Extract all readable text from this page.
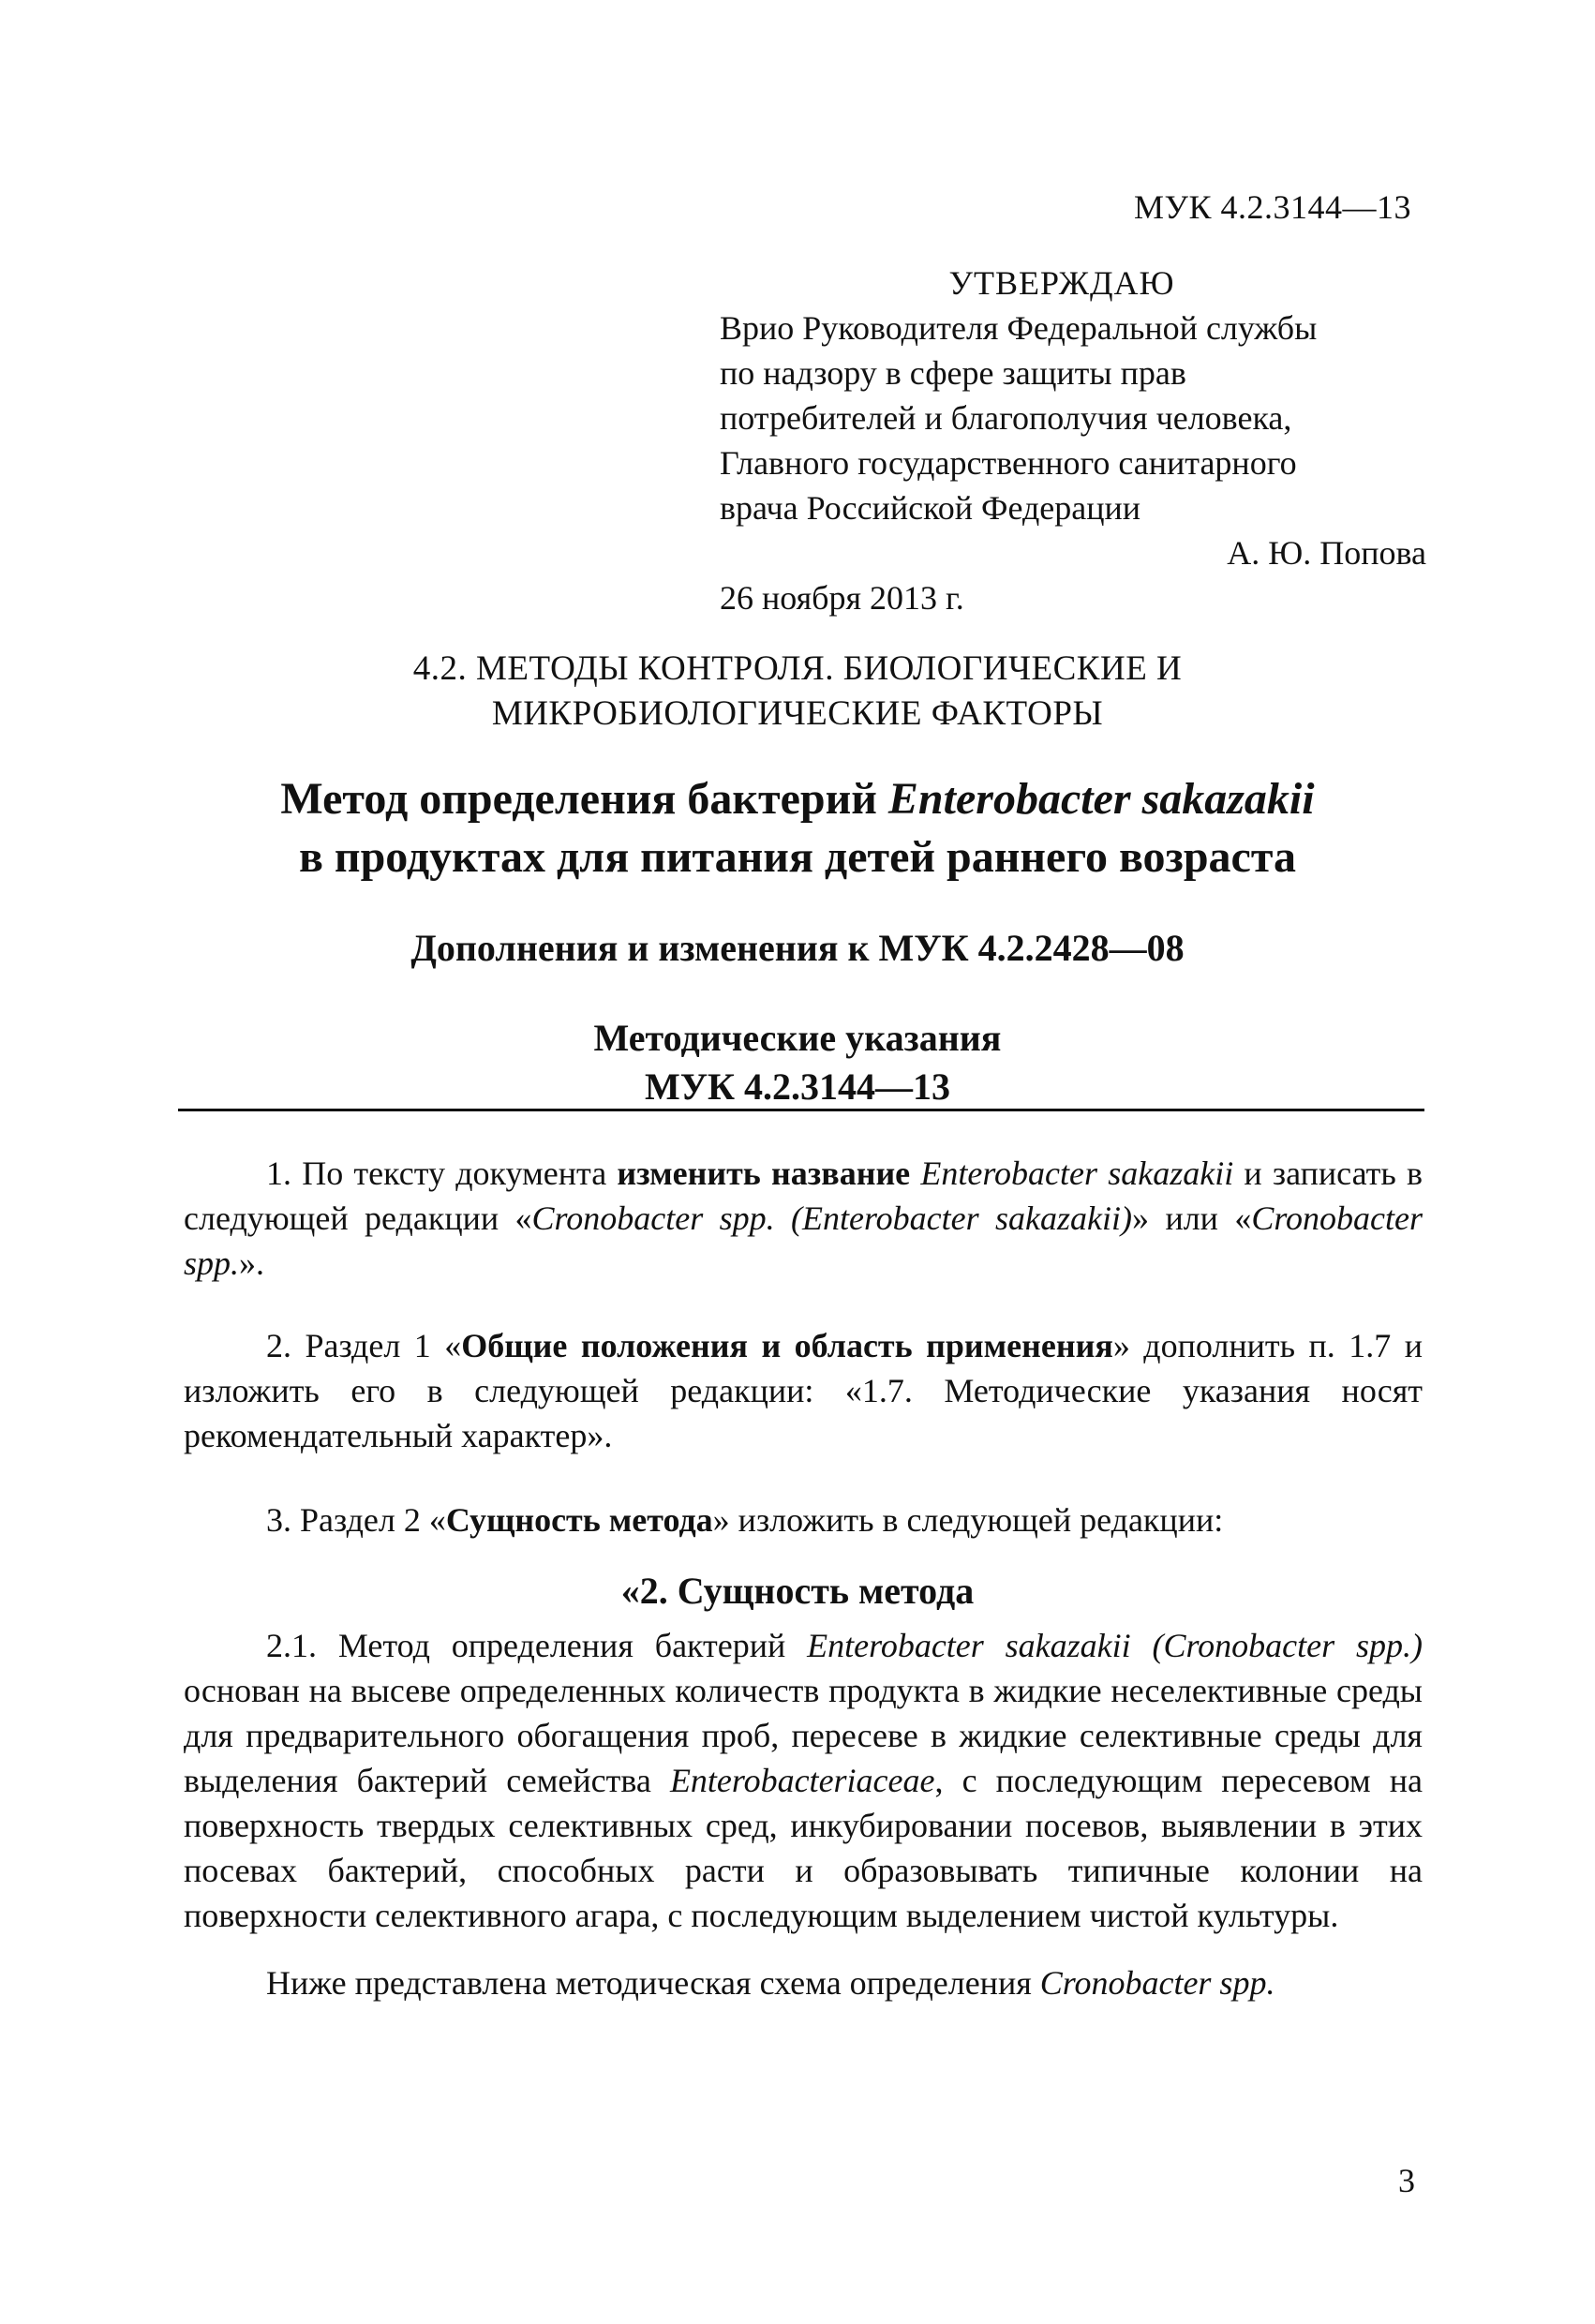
МУК 4.2.3144—13
УТВЕРЖДАЮ
Врио Руководителя Федеральной службы
по надзору в сфере защиты прав
потребителей и благополучия человека,
Главного государственного санитарного
врача Российской Федерации
А. Ю. Попова
26 ноября 2013 г.
4.2. МЕТОДЫ КОНТРОЛЯ. БИОЛОГИЧЕСКИЕ И
МИКРОБИОЛОГИЧЕСКИЕ ФАКТОРЫ
Метод определения бактерий Enterobacter sakazakii
в продуктах для питания детей раннего возраста
Дополнения и изменения к МУК 4.2.2428—08
Методические указания
МУК 4.2.3144—13

1. По тексту документа изменить название Enterobacter sakazakii и записать в следующей редакции «Cronobacter spp. (Enterobacter sakazakii)» или «Cronobacter spp.».

2. Раздел 1 «Общие положения и область применения» дополнить п. 1.7 и изложить его в следующей редакции: «1.7. Методические указания носят рекомендательный характер».

3. Раздел 2 «Сущность метода» изложить в следующей редакции:

«2. Сущность метода

2.1. Метод определения бактерий Enterobacter sakazakii (Cronobacter spp.) основан на высеве определенных количеств продукта в жидкие неселективные среды для предварительного обогащения проб, пересеве в жидкие селективные среды для выделения бактерий семейства Enterobacteriaceae, с последующим пересевом на поверхность твердых селективных сред, инкубировании посевов, выявлении в этих посевах бактерий, способных расти и образовывать типичные колонии на поверхности селективного агара, с последующим выделением чистой культуры.

Ниже представлена методическая схема определения Cronobacter spp.

3
